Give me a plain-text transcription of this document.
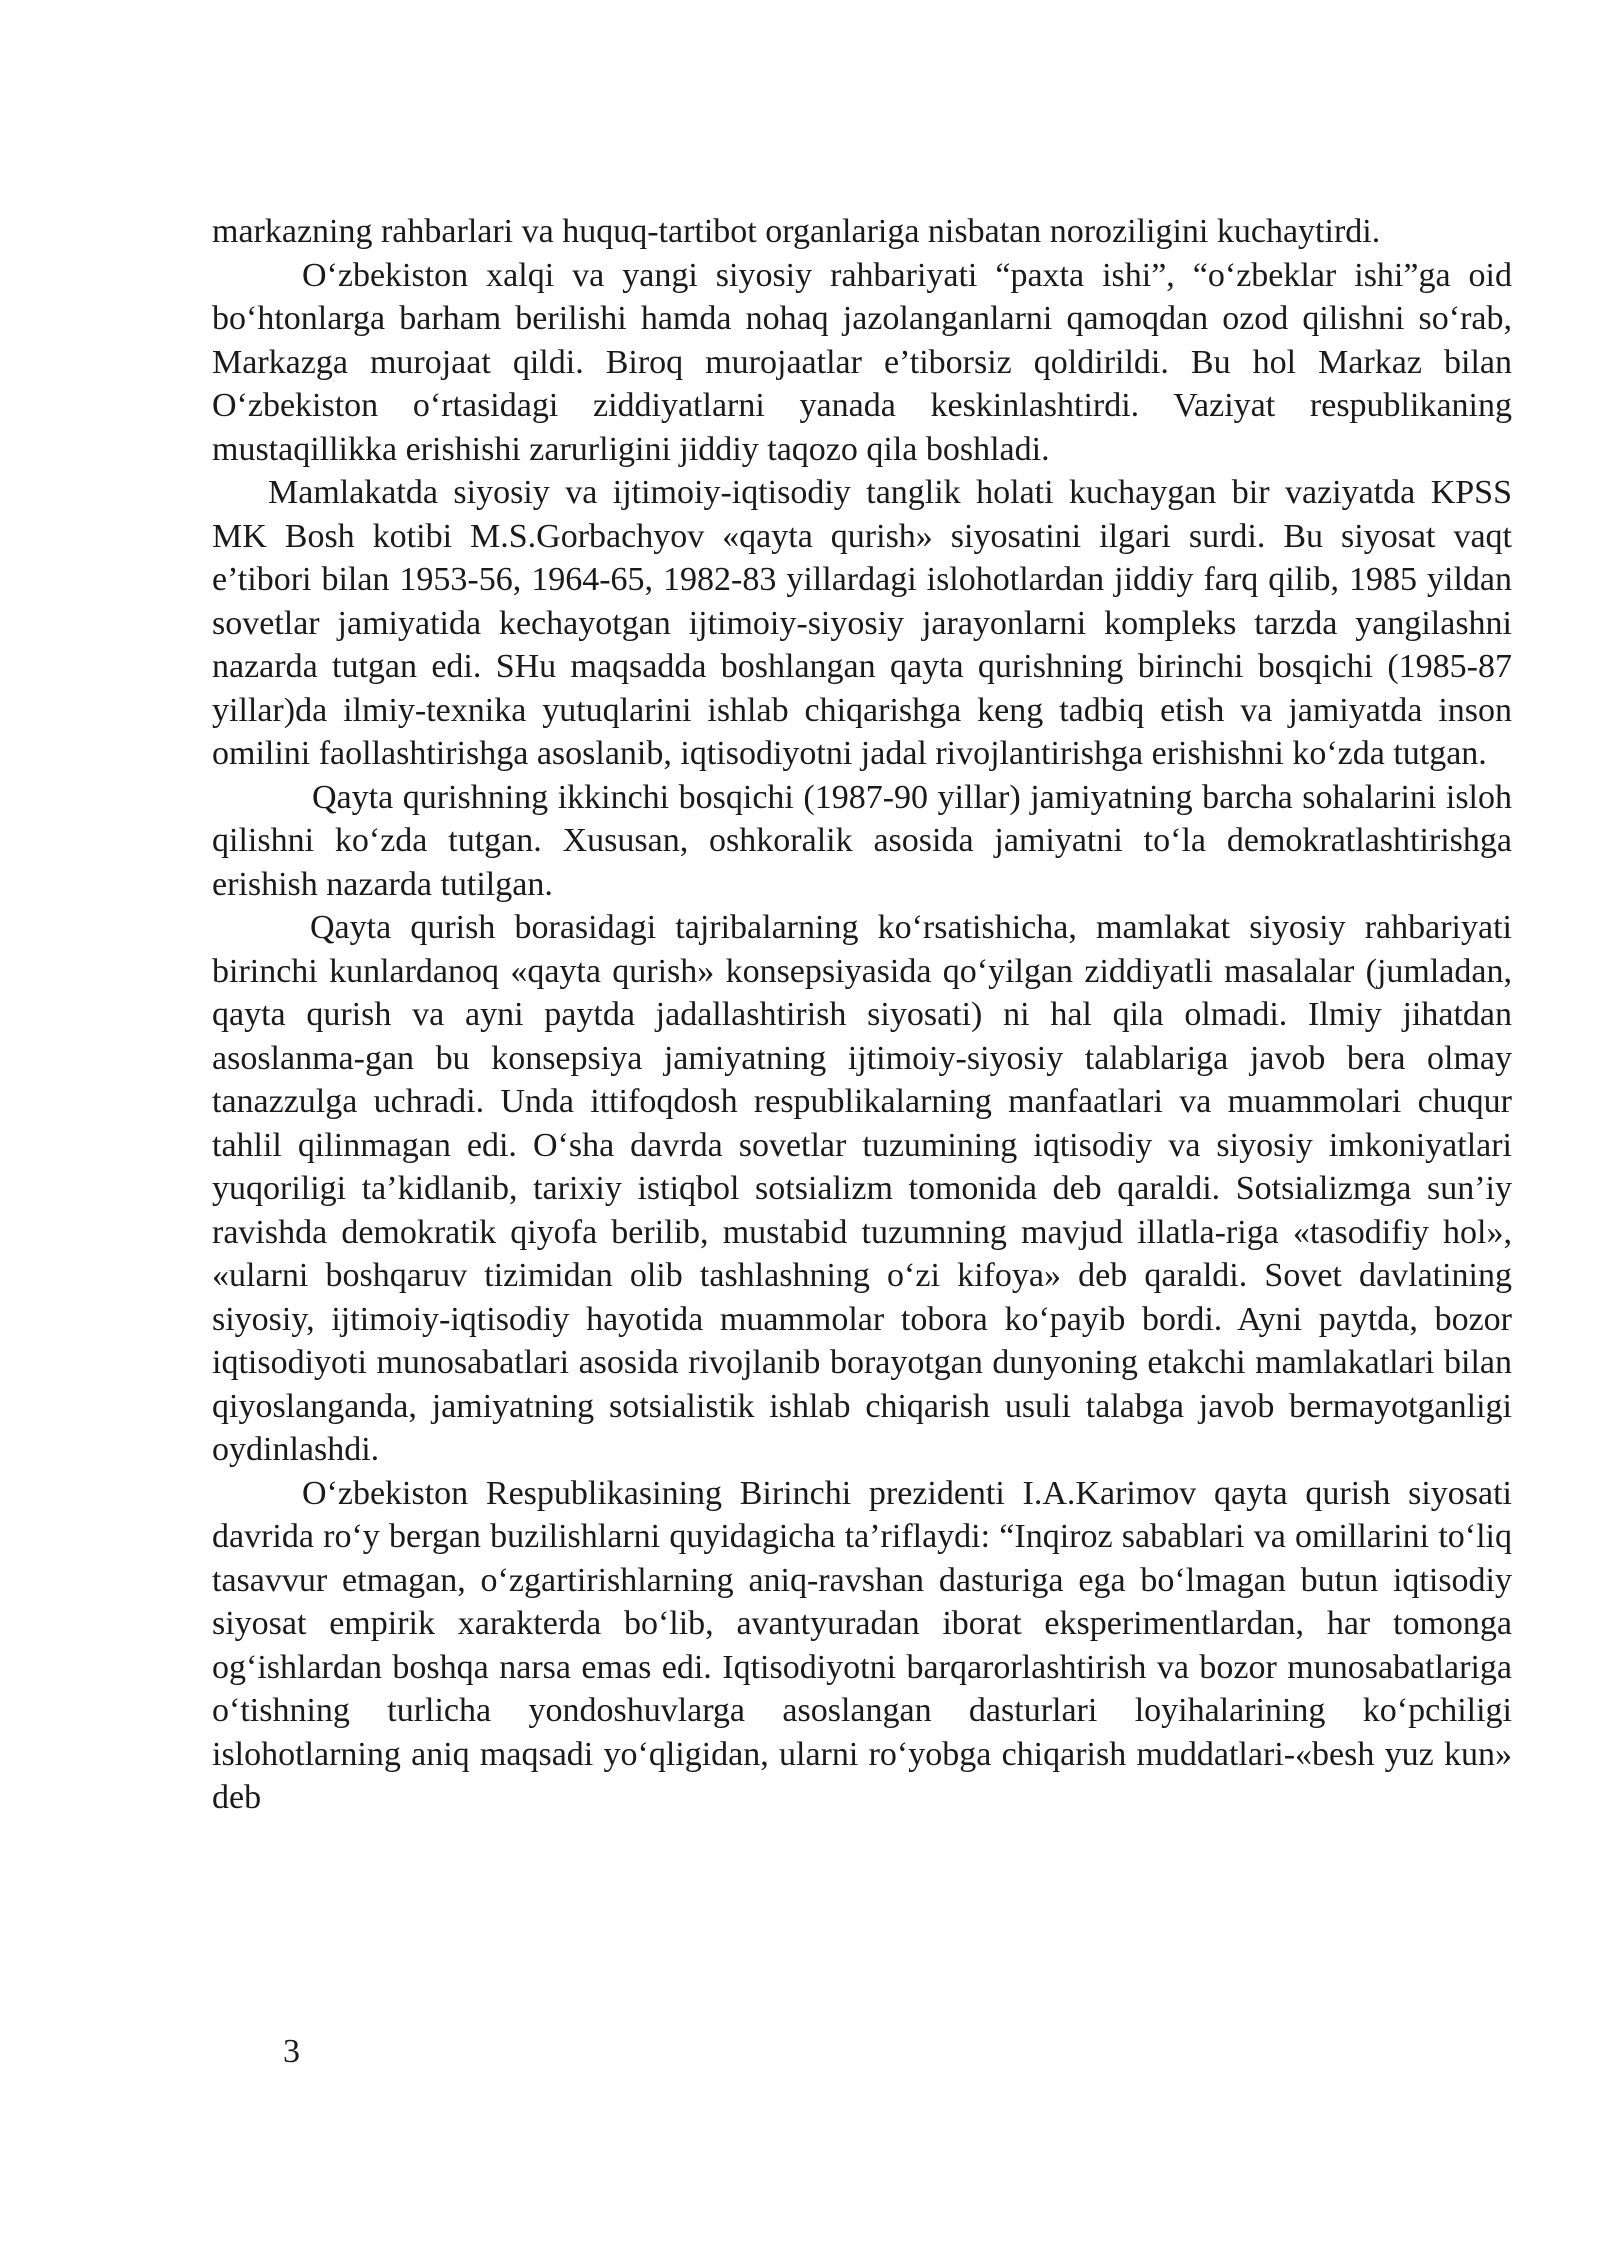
markazning rahbarlari va huquq-tartibot organlariga nisbatan noroziligini kuchaytirdi.

O‘zbekiston xalqi va yangi siyosiy rahbariyati “paxta ishi”, “o‘zbeklar ishi”ga oid bo‘htonlarga barham berilishi hamda nohaq jazolanganlarni qamoqdan ozod qilishni so‘rab, Markazga murojaat qildi. Biroq murojaatlar e’tiborsiz qoldirildi. Bu hol Markaz bilan O‘zbekiston o‘rtasidagi ziddiyatlarni yanada keskinlashtirdi. Vaziyat respublikaning mustaqillikka erishishi zarurligini jiddiy taqozo qila boshladi.

Mamlakatda siyosiy va ijtimoiy-iqtisodiy tanglik holati kuchaygan bir vaziyatda KPSS MK Bosh kotibi M.S.Gorbachyov «qayta qurish» siyosatini ilgari surdi. Bu siyosat vaqt e’tibori bilan 1953-56, 1964-65, 1982-83 yillardagi islohotlardan jiddiy farq qilib, 1985 yildan sovetlar jamiyatida kechayotgan ijtimoiy-siyosiy jarayonlarni kompleks tarzda yangilashni nazarda tutgan edi. SHu maqsadda boshlangan qayta qurishning birinchi bosqichi (1985-87 yillar)da ilmiy-texnika yutuqlarini ishlab chiqarishga keng tadbiq etish va jamiyatda inson omilini faollashtirishga asoslanib, iqtisodiyotni jadal rivojlantirishga erishishni ko‘zda tutgan.

Qayta qurishning ikkinchi bosqichi (1987-90 yillar) jamiyatning barcha sohalarini isloh qilishni ko‘zda tutgan. Xususan, oshkoralik asosida jamiyatni to‘la demokratlashtirishga erishish nazarda tutilgan.

Qayta qurish borasidagi tajribalarning ko‘rsatishicha, mamlakat siyosiy rahbariyati birinchi kunlardanoq «qayta qurish» konsepsiyasida qo‘yilgan ziddiyatli masalalar (jumladan, qayta qurish va ayni paytda jadallashtirish siyosati) ni hal qila olmadi. Ilmiy jihatdan asoslanma-gan bu konsepsiya jamiyatning ijtimoiy-siyosiy talablariga javob bera olmay tanazzulga uchradi. Unda ittifoqdosh respublikalarning manfaatlari va muammolari chuqur tahlil qilinmagan edi. O‘sha davrda sovetlar tuzumining iqtisodiy va siyosiy imkoniyatlari yuqoriligi ta’kidlanib, tarixiy istiqbol sotsializm tomonida deb qaraldi. Sotsializmga sun’iy ravishda demokratik qiyofa berilib, mustabid tuzumning mavjud illatla-riga «tasodifiy hol», «ularni boshqaruv tizimidan olib tashlashning o‘zi kifoya» deb qaraldi. Sovet davlatining siyosiy, ijtimoiy-iqtisodiy hayotida muammolar tobora ko‘payib bordi. Ayni paytda, bozor iqtisodiyoti munosabatlari asosida rivojlanib borayotgan dunyoning etakchi mamlakatlari bilan qiyoslanganda, jamiyatning sotsialistik ishlab chiqarish usuli talabga javob bermayotganligi oydinlashdi.

O‘zbekiston Respublikasining Birinchi prezidenti I.A.Karimov qayta qurish siyosati davrida ro‘y bergan buzilishlarni quyidagicha ta’riflaydi: “Inqiroz sabablari va omillarini to‘liq tasavvur etmagan, o‘zgartirishlarning aniq-ravshan dasturiga ega bo‘lmagan butun iqtisodiy siyosat empirik xarakterda bo‘lib, avantyuradan iborat eksperimentlardan, har tomonga og‘ishlardan boshqa narsa emas edi. Iqtisodiyotni barqarorlashtirish va bozor munosabatlariga o‘tishning turlicha yondoshuvlarga asoslangan dasturlari loyihalarining ko‘pchiligi islohotlarning aniq maqsadi yo‘qligidan, ularni ro‘yobga chiqarish muddatlari-«besh yuz kun» deb

3
